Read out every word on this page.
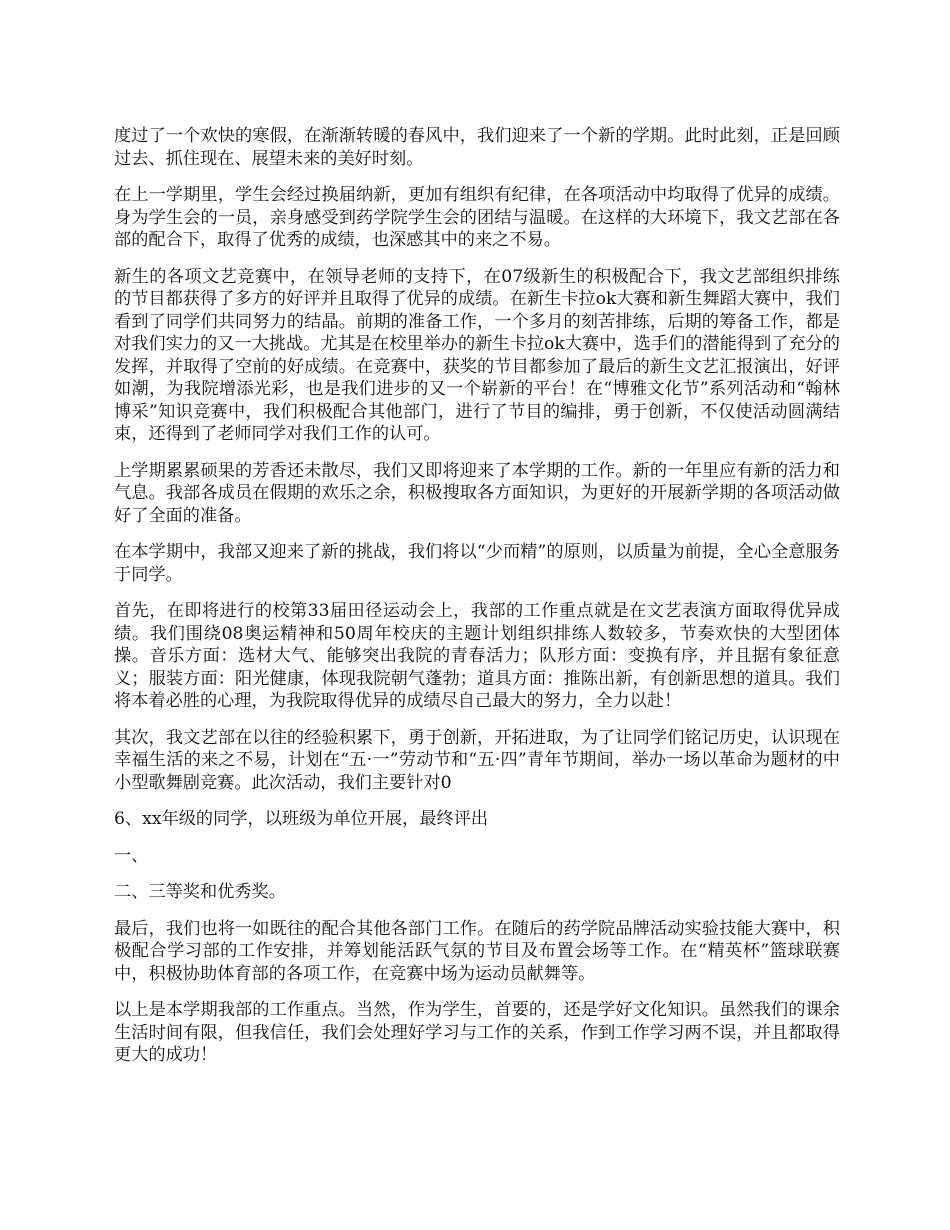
度过了一个欢快的寒假，在渐渐转暖的春风中，我们迎来了一个新的学期。此时此刻，正是回顾过去、抓住现在、展望未来的美好时刻。

在上一学期里，学生会经过换届纳新，更加有组织有纪律，在各项活动中均取得了优异的成绩。身为学生会的一员，亲身感受到药学院学生会的团结与温暖。在这样的大环境下，我文艺部在各部的配合下，取得了优秀的成绩，也深感其中的来之不易。

新生的各项文艺竞赛中，在领导老师的支持下，在07级新生的积极配合下，我文艺部组织排练的节目都获得了多方的好评并且取得了优异的成绩。在新生卡拉ok大赛和新生舞蹈大赛中，我们看到了同学们共同努力的结晶。前期的准备工作，一个多月的刻苦排练，后期的筹备工作，都是对我们实力的又一大挑战。尤其是在校里举办的新生卡拉ok大赛中，选手们的潜能得到了充分的发挥，并取得了空前的好成绩。在竞赛中，获奖的节目都参加了最后的新生文艺汇报演出，好评如潮，为我院增添光彩，也是我们进步的又一个崭新的平台！在“博雅文化节”系列活动和“翰林博采”知识竞赛中，我们积极配合其他部门，进行了节目的编排，勇于创新，不仅使活动圆满结束，还得到了老师同学对我们工作的认可。

上学期累累硕果的芳香还未散尽，我们又即将迎来了本学期的工作。新的一年里应有新的活力和气息。我部各成员在假期的欢乐之余，积极搜取各方面知识，为更好的开展新学期的各项活动做好了全面的准备。

在本学期中，我部又迎来了新的挑战，我们将以“少而精”的原则，以质量为前提，全心全意服务于同学。

首先，在即将进行的校第33届田径运动会上，我部的工作重点就是在文艺表演方面取得优异成绩。我们围绕08奥运精神和50周年校庆的主题计划组织排练人数较多，节奏欢快的大型团体操。音乐方面：选材大气、能够突出我院的青春活力；队形方面：变换有序，并且据有象征意义；服装方面：阳光健康，体现我院朝气蓬勃；道具方面：推陈出新，有创新思想的道具。我们将本着必胜的心理，为我院取得优异的成绩尽自己最大的努力，全力以赴！

其次，我文艺部在以往的经验积累下，勇于创新，开拓进取，为了让同学们铭记历史，认识现在幸福生活的来之不易，计划在“五·一”劳动节和“五·四”青年节期间，举办一场以革命为题材的中小型歌舞剧竞赛。此次活动，我们主要针对0

6、xx年级的同学，以班级为单位开展，最终评出

一、

二、三等奖和优秀奖。

最后，我们也将一如既往的配合其他各部门工作。在随后的药学院品牌活动实验技能大赛中，积极配合学习部的工作安排，并筹划能活跃气氛的节目及布置会场等工作。在“精英杯”篮球联赛中，积极协助体育部的各项工作，在竞赛中场为运动员献舞等。

以上是本学期我部的工作重点。当然，作为学生，首要的，还是学好文化知识。虽然我们的课余生活时间有限，但我信任，我们会处理好学习与工作的关系，作到工作学习两不误，并且都取得更大的成功！
